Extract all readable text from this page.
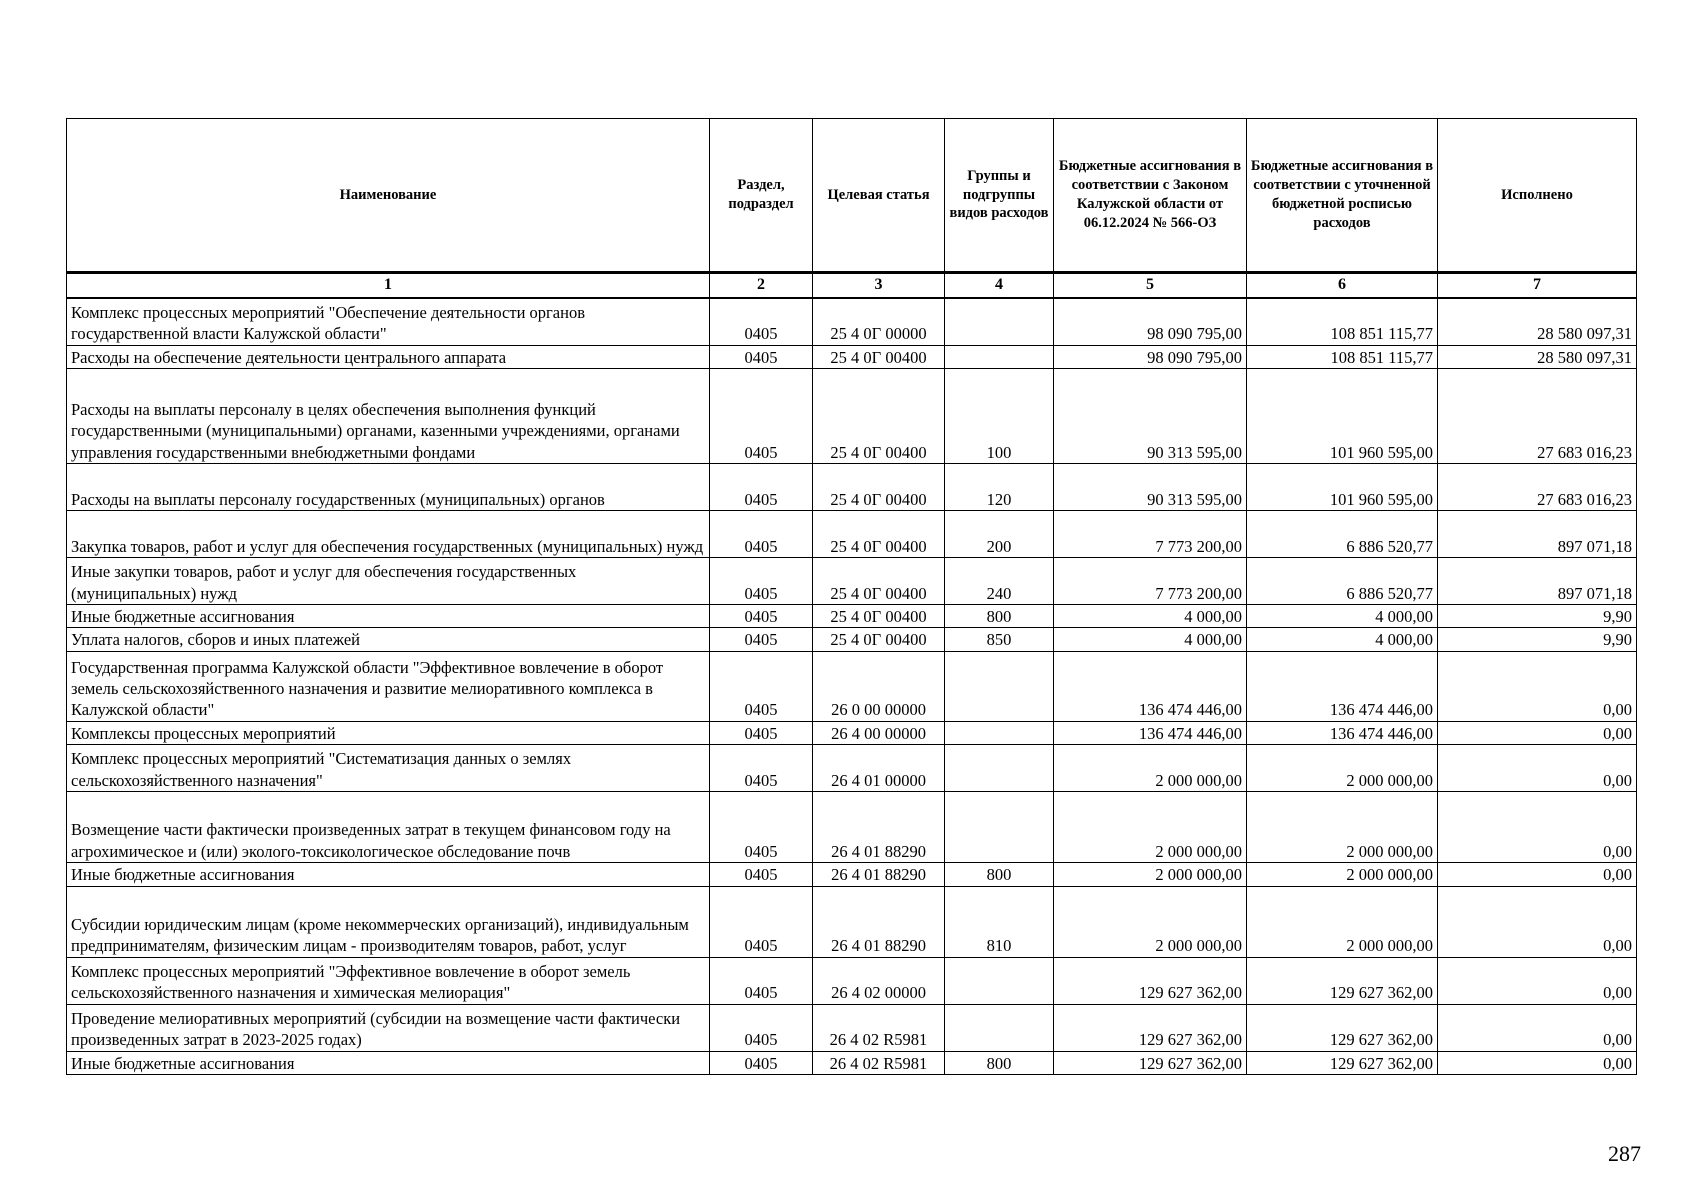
Наименование	Раздел, подраздел	Целевая статья	Группы и подгруппы видов расходов	Бюджетные ассигнования в соответствии с Законом Калужской области от 06.12.2024 № 566-ОЗ	Бюджетные ассигнования в соответствии с уточненной бюджетной росписью расходов	Исполнено
1	2	3	4	5	6	7
Комплекс процессных мероприятий "Обеспечение деятельности органов государственной власти Калужской области"	0405	25 4 0Г 00000		98 090 795,00	108 851 115,77	28 580 097,31
Расходы на обеспечение деятельности центрального аппарата	0405	25 4 0Г 00400		98 090 795,00	108 851 115,77	28 580 097,31
Расходы на выплаты персоналу в целях обеспечения выполнения функций государственными (муниципальными) органами, казенными учреждениями, органами управления государственными внебюджетными фондами	0405	25 4 0Г 00400	100	90 313 595,00	101 960 595,00	27 683 016,23
Расходы на выплаты персоналу государственных (муниципальных) органов	0405	25 4 0Г 00400	120	90 313 595,00	101 960 595,00	27 683 016,23
Закупка товаров, работ и услуг для обеспечения государственных (муниципальных) нужд	0405	25 4 0Г 00400	200	7 773 200,00	6 886 520,77	897 071,18
Иные закупки товаров, работ и услуг для обеспечения государственных (муниципальных) нужд	0405	25 4 0Г 00400	240	7 773 200,00	6 886 520,77	897 071,18
Иные бюджетные ассигнования	0405	25 4 0Г 00400	800	4 000,00	4 000,00	9,90
Уплата налогов, сборов и иных платежей	0405	25 4 0Г 00400	850	4 000,00	4 000,00	9,90
Государственная программа Калужской области "Эффективное вовлечение в оборот земель сельскохозяйственного назначения и развитие мелиоративного комплекса в Калужской области"	0405	26 0 00 00000		136 474 446,00	136 474 446,00	0,00
Комплексы процессных мероприятий	0405	26 4 00 00000		136 474 446,00	136 474 446,00	0,00
Комплекс процессных мероприятий "Систематизация данных о землях сельскохозяйственного назначения"	0405	26 4 01 00000		2 000 000,00	2 000 000,00	0,00
Возмещение части фактически произведенных затрат в текущем финансовом году на агрохимическое и (или) эколого-токсикологическое обследование почв	0405	26 4 01 88290		2 000 000,00	2 000 000,00	0,00
Иные бюджетные ассигнования	0405	26 4 01 88290	800	2 000 000,00	2 000 000,00	0,00
Субсидии юридическим лицам (кроме некоммерческих организаций), индивидуальным предпринимателям, физическим лицам - производителям товаров, работ, услуг	0405	26 4 01 88290	810	2 000 000,00	2 000 000,00	0,00
Комплекс процессных мероприятий "Эффективное вовлечение в оборот земель сельскохозяйственного назначения и химическая мелиорация"	0405	26 4 02 00000		129 627 362,00	129 627 362,00	0,00
Проведение мелиоративных мероприятий (субсидии на возмещение части фактически произведенных затрат в 2023-2025 годах)	0405	26 4 02 R5981		129 627 362,00	129 627 362,00	0,00
Иные бюджетные ассигнования	0405	26 4 02 R5981	800	129 627 362,00	129 627 362,00	0,00
287
